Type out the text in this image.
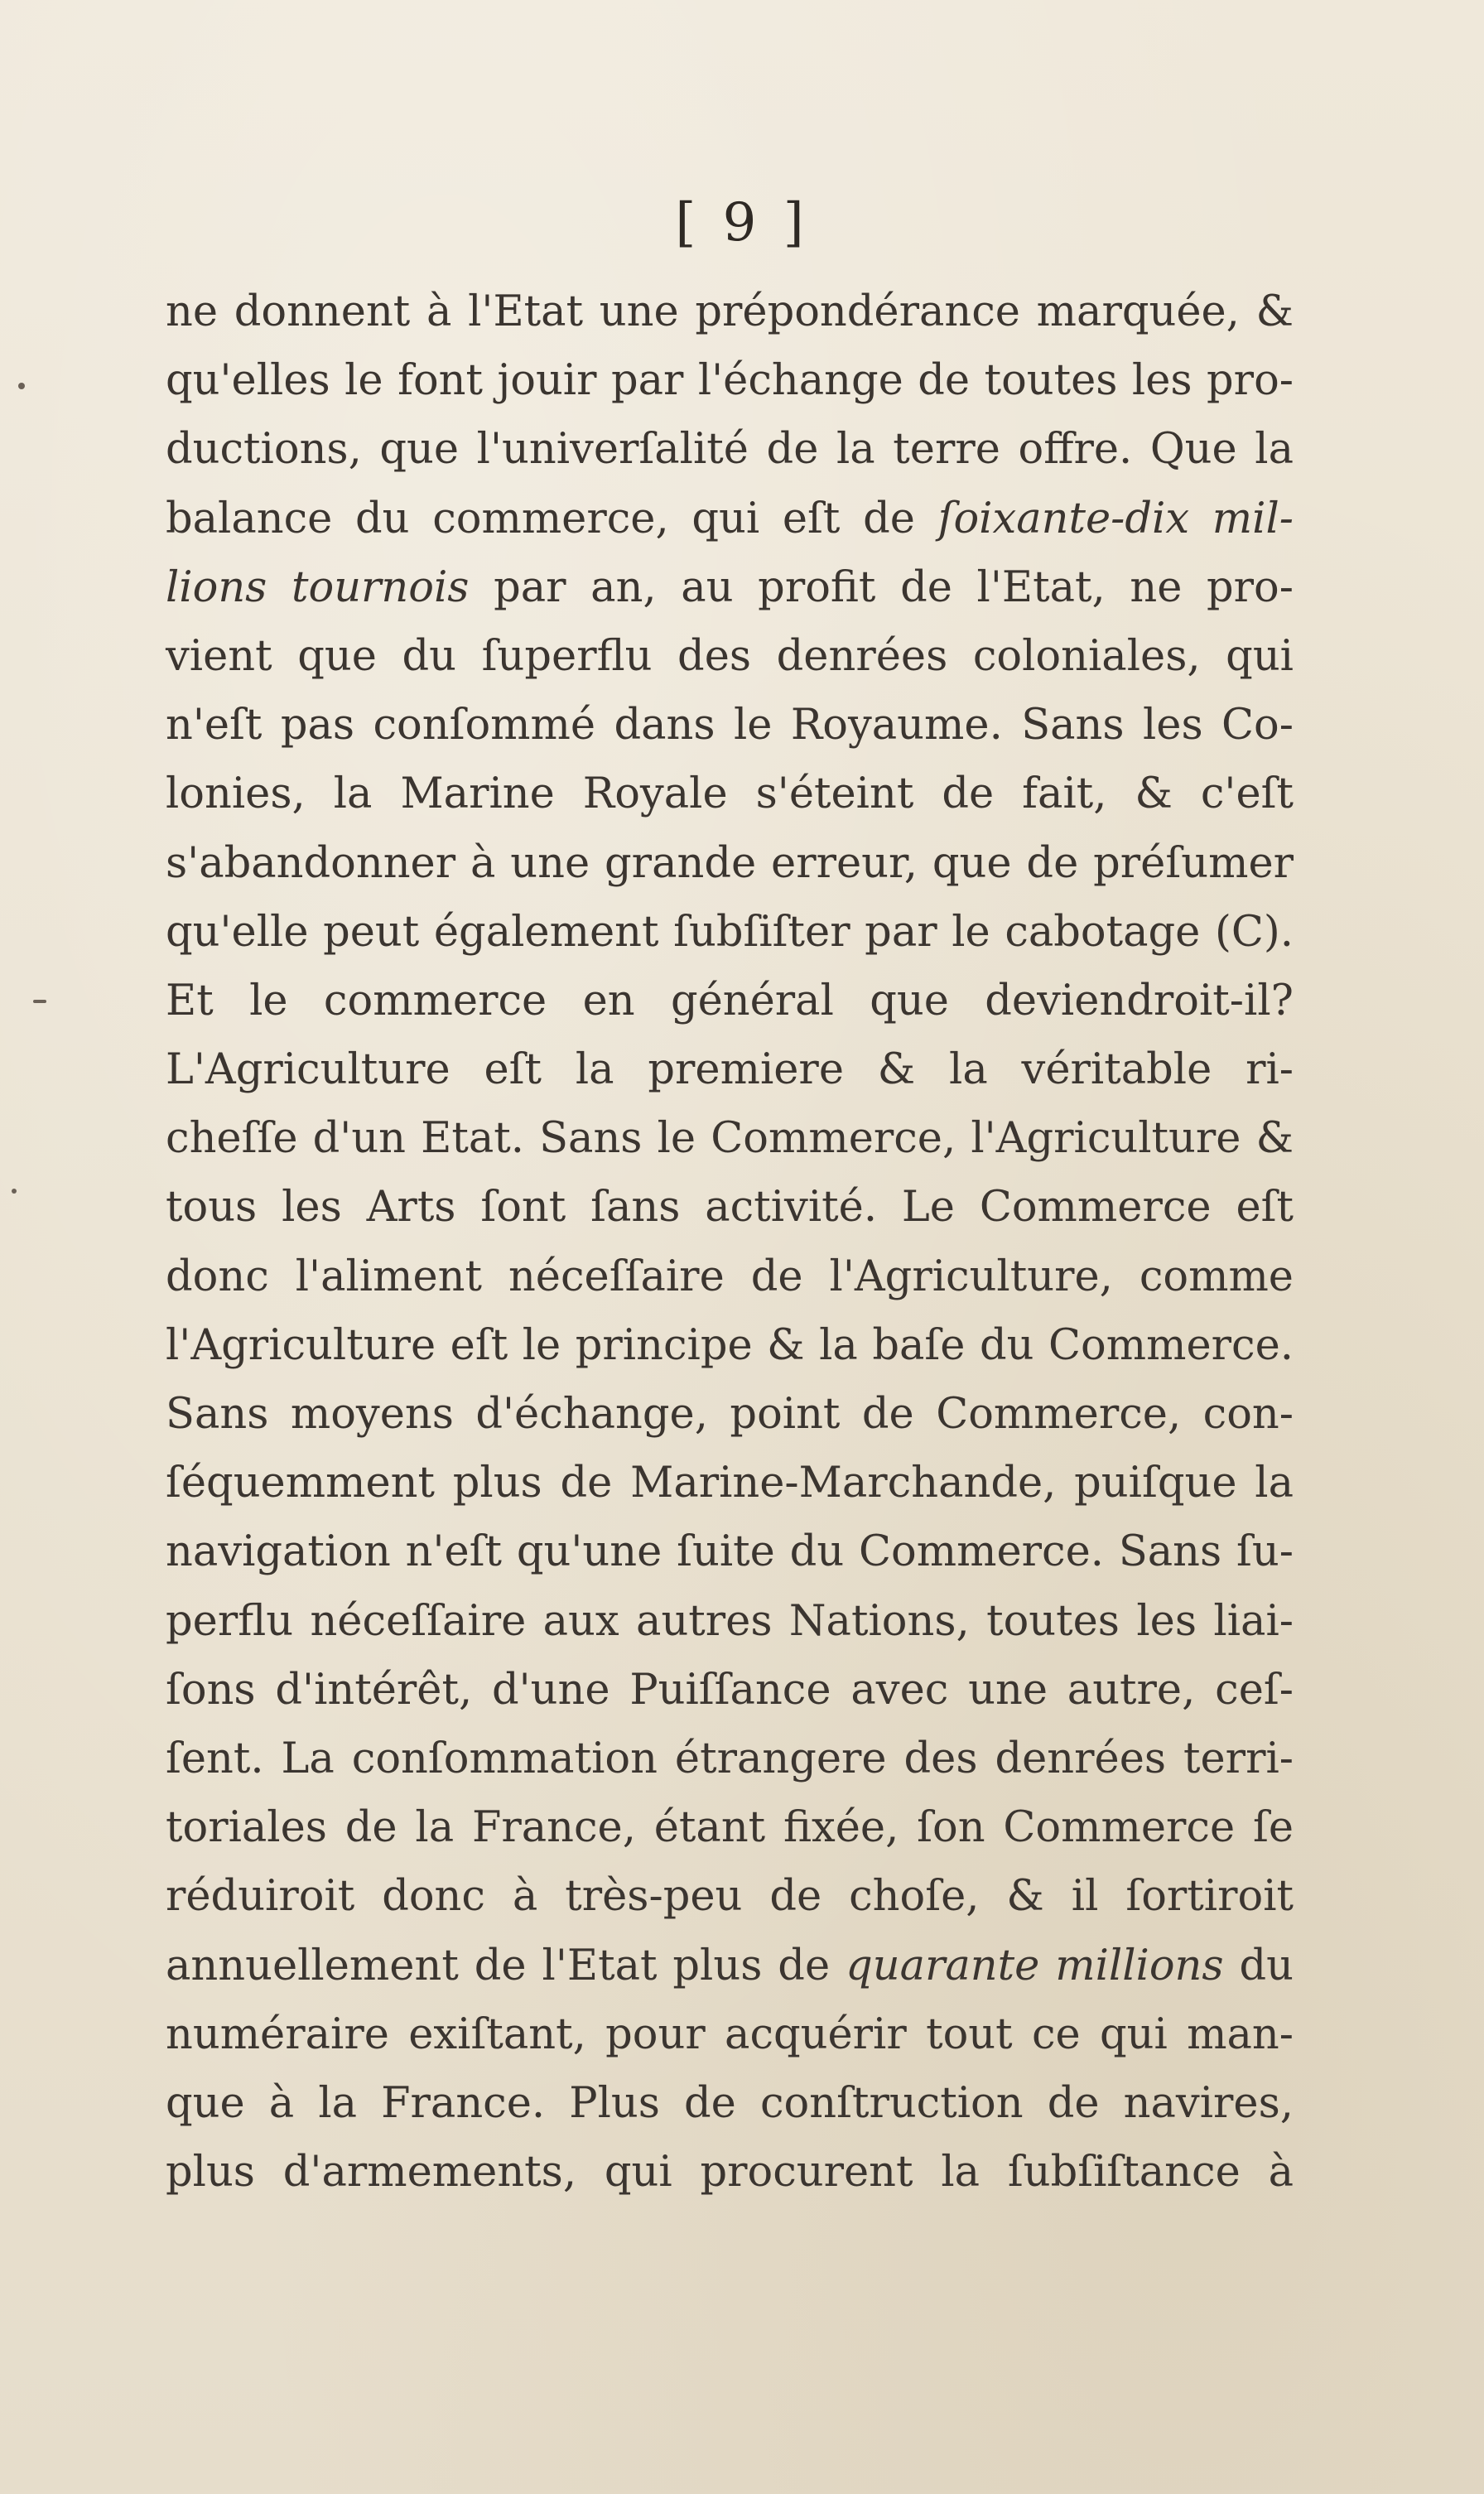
[ 9 ]
ne donnent à l'Etat une prépondérance marquée, &
qu'elles le font jouir par l'échange de toutes les pro-
ductions, que l'univerſalité de la terre offre. Que la
balance du commerce, qui eſt de ſoixante-dix mil-
lions tournois par an, au profit de l'Etat, ne pro-
vient que du ſuperflu des denrées coloniales, qui
n'eſt pas conſommé dans le Royaume. Sans les Co-
lonies, la Marine Royale s'éteint de fait, & c'eſt
s'abandonner à une grande erreur, que de préſumer
qu'elle peut également ſubſiſter par le cabotage (C).
Et le commerce en général que deviendroit-il?
L'Agriculture eſt la premiere & la véritable ri-
cheſſe d'un Etat. Sans le Commerce, l'Agriculture &
tous les Arts ſont ſans activité. Le Commerce eſt
donc l'aliment néceſſaire de l'Agriculture, comme
l'Agriculture eſt le principe & la baſe du Commerce.
Sans moyens d'échange, point de Commerce, con-
ſéquemment plus de Marine-Marchande, puiſque la
navigation n'eſt qu'une ſuite du Commerce. Sans ſu-
perflu néceſſaire aux autres Nations, toutes les liai-
ſons d'intérêt, d'une Puiſſance avec une autre, ceſ-
ſent. La conſommation étrangere des denrées terri-
toriales de la France, étant fixée, ſon Commerce ſe
réduiroit donc à très-peu de choſe, & il ſortiroit
annuellement de l'Etat plus de quarante millions du
numéraire exiſtant, pour acquérir tout ce qui man-
que à la France. Plus de conſtruction de navires,
plus d'armements, qui procurent la ſubſiſtance à
